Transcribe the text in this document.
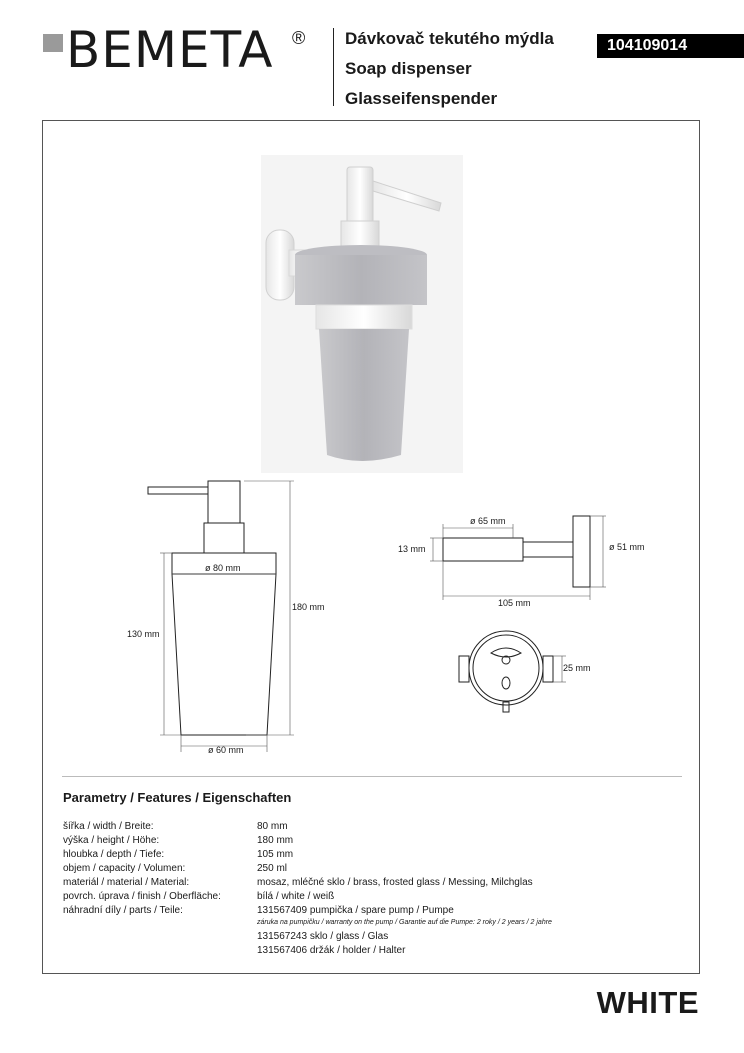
BEMETA ® Dávkovač tekutého mýdla
Soap dispenser
Glasseifenspender
104109014
ø 80 mm
ø 60 mm
180 mm
130 mm
ø 65 mm
13 mm	ø 51 mm
105 mm
25 mm
Parametry / Features / Eigenschaften
šířka / width / Breite:	80 mm
výška / height / Höhe:	180 mm
hloubka / depth / Tiefe:	105 mm
objem / capacity / Volumen:	250 ml
materiál / material / Material:	mosaz, mléčné sklo / brass, frosted glass / Messing, Milchglas
povrch. úprava / finish / Oberfläche:	bílá / white / weiß
náhradní díly / parts / Teile:	131567409 pumpička / spare pump / Pumpe
záruka na pumpičku / warranty on the pump / Garantie auf die Pumpe: 2 roky / 2 years / 2 jahre
131567243 sklo / glass / Glas
131567406 držák / holder / Halter
WHITE
